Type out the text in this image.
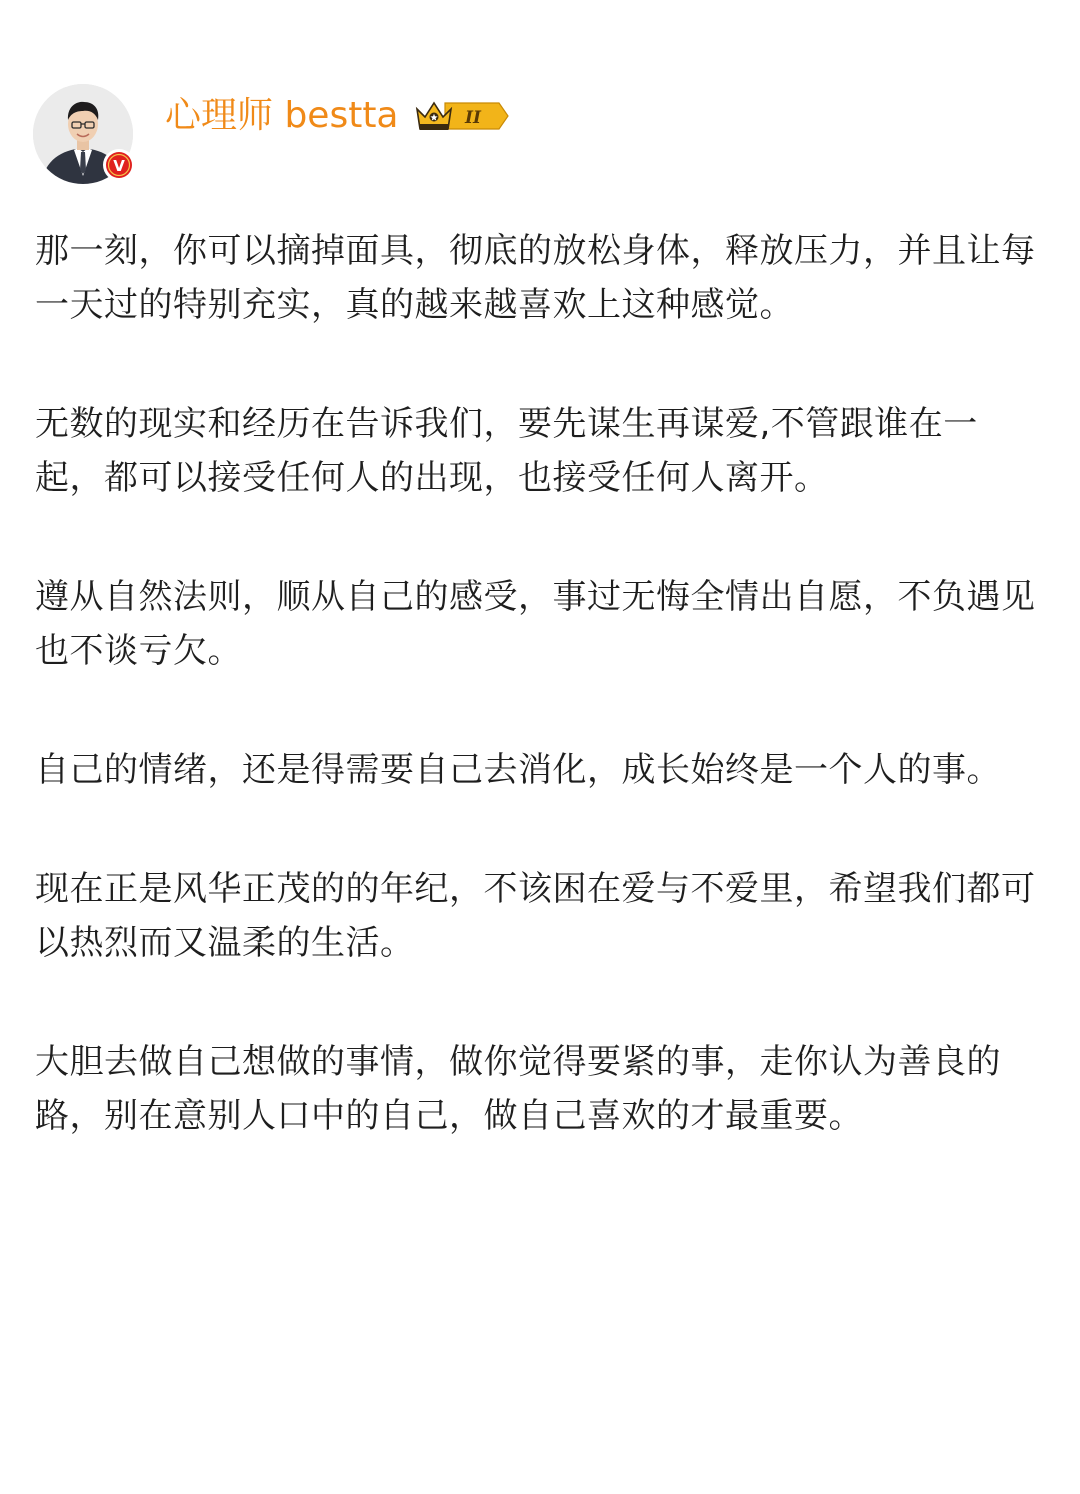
V
心理师 bestta	II

那一刻，你可以摘掉面具，彻底的放松身体，释放压力，并且让每一天过的特别充实，真的越来越喜欢上这种感觉。

无数的现实和经历在告诉我们，要先谋生再谋爱,不管跟谁在一起，都可以接受任何人的出现，也接受任何人离开。

遵从自然法则，顺从自己的感受，事过无悔全情出自愿，不负遇见也不谈亏欠。

自己的情绪，还是得需要自己去消化，成长始终是一个人的事。

现在正是风华正茂的的年纪，不该困在爱与不爱里，希望我们都可以热烈而又温柔的生活。

大胆去做自己想做的事情，做你觉得要紧的事，走你认为善良的路，别在意别人口中的自己，做自己喜欢的才最重要。
